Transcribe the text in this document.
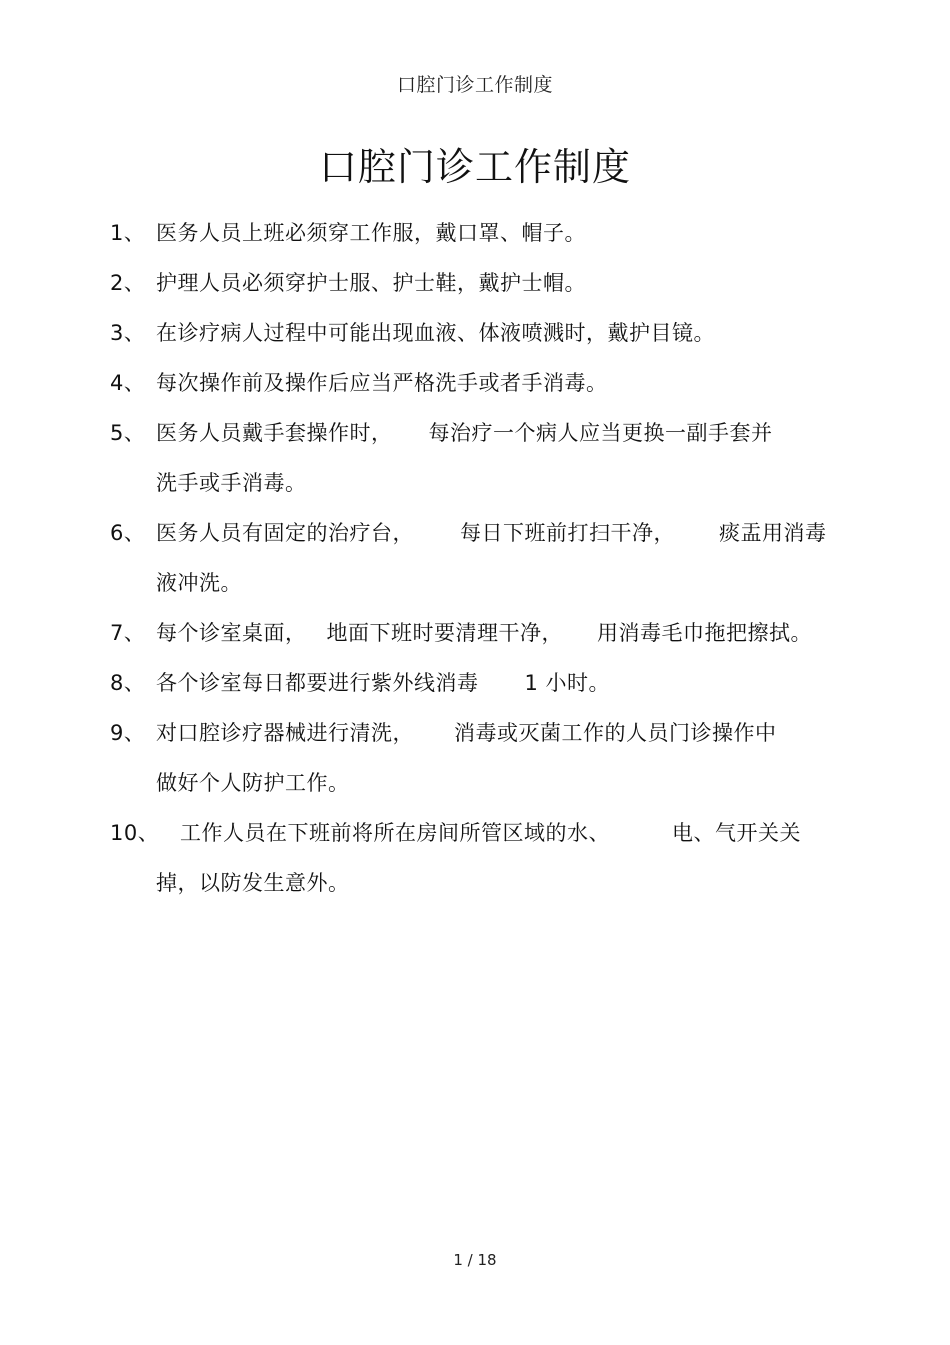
口腔门诊工作制度
口腔门诊工作制度
1、 医务人员上班必须穿工作服，戴口罩、帽子。
2、 护理人员必须穿护士服、护士鞋，戴护士帽。
3、 在诊疗病人过程中可能出现血液、体液喷溅时，戴护目镜。
4、 每次操作前及操作后应当严格洗手或者手消毒。
5、 医务人员戴手套操作时， 每治疗一个病人应当更换一副手套并
洗手或手消毒。
6、 医务人员有固定的治疗台， 每日下班前打扫干净， 痰盂用消毒
液冲洗。
7、 每个诊室桌面， 地面下班时要清理干净， 用消毒毛巾拖把擦拭。
8、 各个诊室每日都要进行紫外线消毒 1 小时。
9、 对口腔诊疗器械进行清洗， 消毒或灭菌工作的人员门诊操作中
做好个人防护工作。
10、 工作人员在下班前将所在房间所管区域的水、	电、气开关关
掉，以防发生意外。
1 / 18
